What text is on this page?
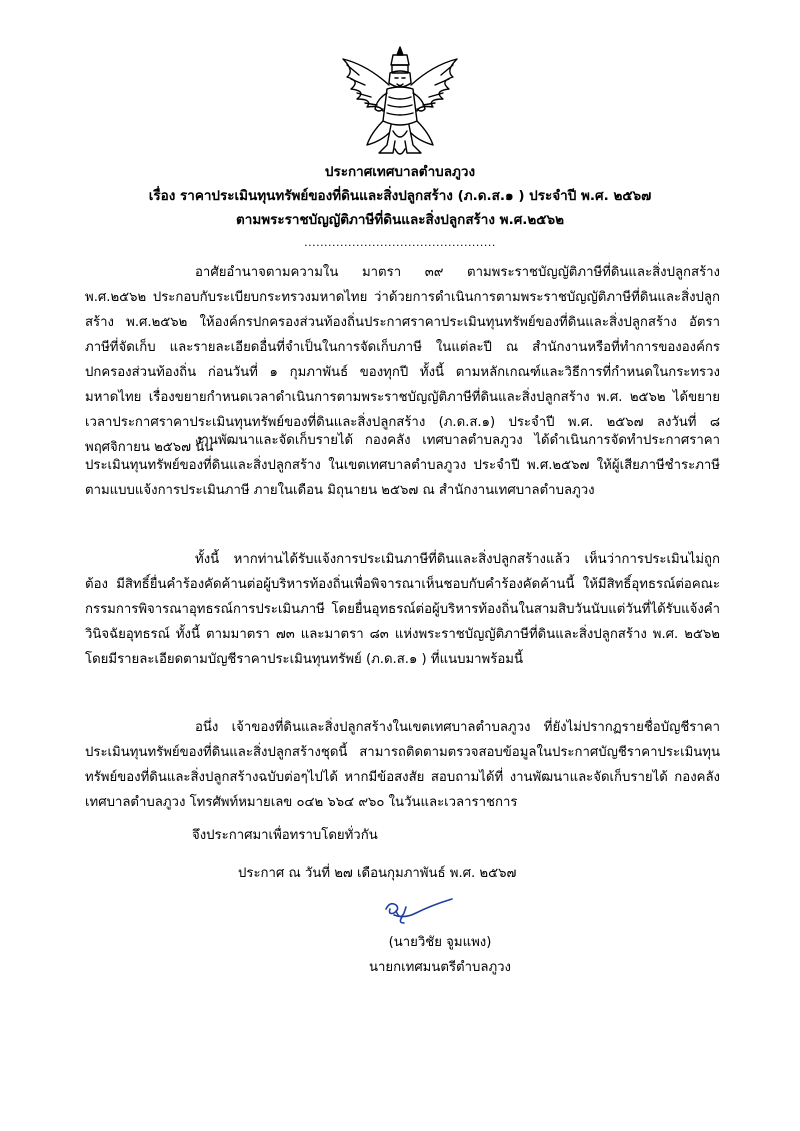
ประกาศเทศบาลตำบลภูวง
เรื่อง ราคาประเมินทุนทรัพย์ของที่ดินและสิ่งปลูกสร้าง (ภ.ด.ส.๑ ) ประจำปี พ.ศ. ๒๕๖๗
ตามพระราชบัญญัติภาษีที่ดินและสิ่งปลูกสร้าง พ.ศ.๒๕๖๒
................................................
อาศัยอำนาจตามความใน มาตรา ๓๙ ตามพระราชบัญญัติภาษีที่ดินและสิ่งปลูกสร้าง พ.ศ.๒๕๖๒ ประกอบกับระเบียบกระทรวงมหาดไทย ว่าด้วยการดำเนินการตามพระราชบัญญัติภาษีที่ดินและสิ่งปลูกสร้าง พ.ศ.๒๕๖๒ ให้องค์กรปกครองส่วนท้องถิ่นประกาศราคาประเมินทุนทรัพย์ของที่ดินและสิ่งปลูกสร้าง อัตราภาษีที่จัดเก็บ และรายละเอียดอื่นที่จำเป็นในการจัดเก็บภาษี ในแต่ละปี ณ สำนักงานหรือที่ทำการขององค์กรปกครองส่วนท้องถิ่น ก่อนวันที่ ๑ กุมภาพันธ์ ของทุกปี ทั้งนี้ ตามหลักเกณฑ์และวิธีการที่กำหนดในกระทรวงมหาดไทย เรื่องขยายกำหนดเวลาดำเนินการตามพระราชบัญญัติภาษีที่ดินและสิ่งปลูกสร้าง พ.ศ. ๒๕๖๒ ได้ขยายเวลาประกาศราคาประเมินทุนทรัพย์ของที่ดินและสิ่งปลูกสร้าง (ภ.ด.ส.๑) ประจำปี พ.ศ. ๒๕๖๗ ลงวันที่ ๘ พฤศจิกายน ๒๕๖๗ นั้น
งานพัฒนาและจัดเก็บรายได้ กองคลัง เทศบาลตำบลภูวง ได้ดำเนินการจัดทำประกาศราคาประเมินทุนทรัพย์ของที่ดินและสิ่งปลูกสร้าง ในเขตเทศบาลตำบลภูวง ประจำปี พ.ศ.๒๕๖๗ ให้ผู้เสียภาษีชำระภาษีตามแบบแจ้งการประเมินภาษี ภายในเดือน มิถุนายน ๒๕๖๗ ณ สำนักงานเทศบาลตำบลภูวง
ทั้งนี้ หากท่านได้รับแจ้งการประเมินภาษีที่ดินและสิ่งปลูกสร้างแล้ว เห็นว่าการประเมินไม่ถูกต้อง มีสิทธิ์ยื่นคำร้องคัดค้านต่อผู้บริหารท้องถิ่นเพื่อพิจารณาเห็นชอบกับคำร้องคัดค้านนี้ ให้มีสิทธิ์อุทธรณ์ต่อคณะกรรมการพิจารณาอุทธรณ์การประเมินภาษี โดยยื่นอุทธรณ์ต่อผู้บริหารท้องถิ่นในสามสิบวันนับแต่วันที่ได้รับแจ้งคำวินิจฉัยอุทธรณ์ ทั้งนี้ ตามมาตรา ๗๓ และมาตรา ๘๓ แห่งพระราชบัญญัติภาษีที่ดินและสิ่งปลูกสร้าง พ.ศ. ๒๕๖๒ โดยมีรายละเอียดตามบัญชีราคาประเมินทุนทรัพย์ (ภ.ด.ส.๑ ) ที่แนบมาพร้อมนี้
อนึ่ง เจ้าของที่ดินและสิ่งปลูกสร้างในเขตเทศบาลตำบลภูวง ที่ยังไม่ปรากฏรายชื่อบัญชีราคาประเมินทุนทรัพย์ของที่ดินและสิ่งปลูกสร้างชุดนี้ สามารถติดตามตรวจสอบข้อมูลในประกาศบัญชีราคาประเมินทุนทรัพย์ของที่ดินและสิ่งปลูกสร้างฉบับต่อๆไปได้ หากมีข้อสงสัย สอบถามได้ที่ งานพัฒนาและจัดเก็บรายได้ กองคลัง เทศบาลตำบลภูวง โทรศัพท์หมายเลข ๐๔๒ ๖๖๔ ๙๖๐ ในวันและเวลาราชการ
จึงประกาศมาเพื่อทราบโดยทั่วกัน
ประกาศ ณ วันที่ ๒๗ เดือนกุมภาพันธ์ พ.ศ. ๒๕๖๗
(นายวิชัย จูมแพง)
นายกเทศมนตรีตำบลภูวง
